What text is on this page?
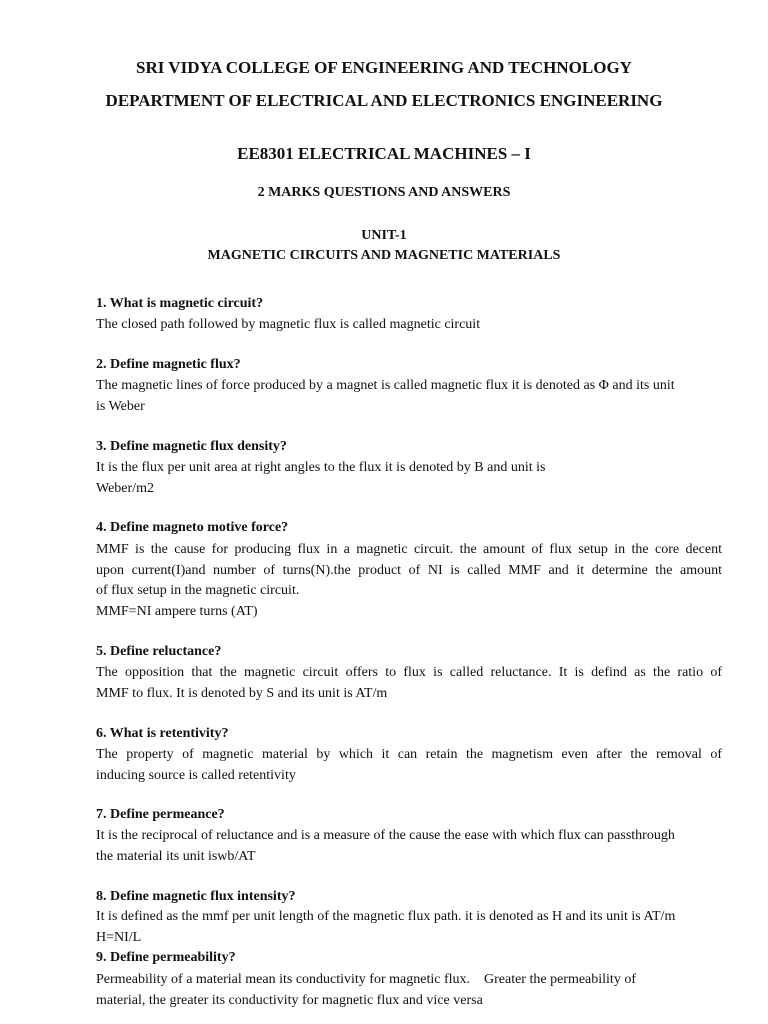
SRI VIDYA COLLEGE OF ENGINEERING AND TECHNOLOGY
DEPARTMENT OF ELECTRICAL AND ELECTRONICS ENGINEERING
EE8301 ELECTRICAL MACHINES – I
2 MARKS QUESTIONS AND ANSWERS
UNIT-1
MAGNETIC CIRCUITS AND MAGNETIC MATERIALS
1. What is magnetic circuit?
The closed path followed by magnetic flux is called magnetic circuit
2. Define magnetic flux?
The magnetic lines of force produced by a magnet is called magnetic flux it is denoted as Φ and its unit
is Weber
3. Define magnetic flux density?
It is the flux per unit area at right angles to the flux it is denoted by B and unit is
Weber/m2
4. Define magneto motive force?
MMF is the cause for producing flux in a magnetic circuit. the amount of flux setup in the core decent
upon current(I)and number of turns(N).the product of NI is called MMF and it determine the amount
of flux setup in the magnetic circuit.
MMF=NI ampere turns (AT)
5. Define reluctance?
The opposition that the magnetic circuit offers to flux is called reluctance. It is defind as the ratio of
MMF to flux. It is denoted by S and its unit is AT/m
6. What is retentivity?
The property of magnetic material by which it can retain the magnetism even after the removal of
inducing source is called retentivity
7. Define permeance?
It is the reciprocal of reluctance and is a measure of the cause the ease with which flux can passthrough
the material its unit iswb/AT
8. Define magnetic flux intensity?
It is defined as the mmf per unit length of the magnetic flux path. it is denoted as H and its unit is AT/m
H=NI/L
9. Define permeability?
Permeability of a material mean its conductivity for magnetic flux.    Greater the permeability of
material, the greater its conductivity for magnetic flux and vice versa
